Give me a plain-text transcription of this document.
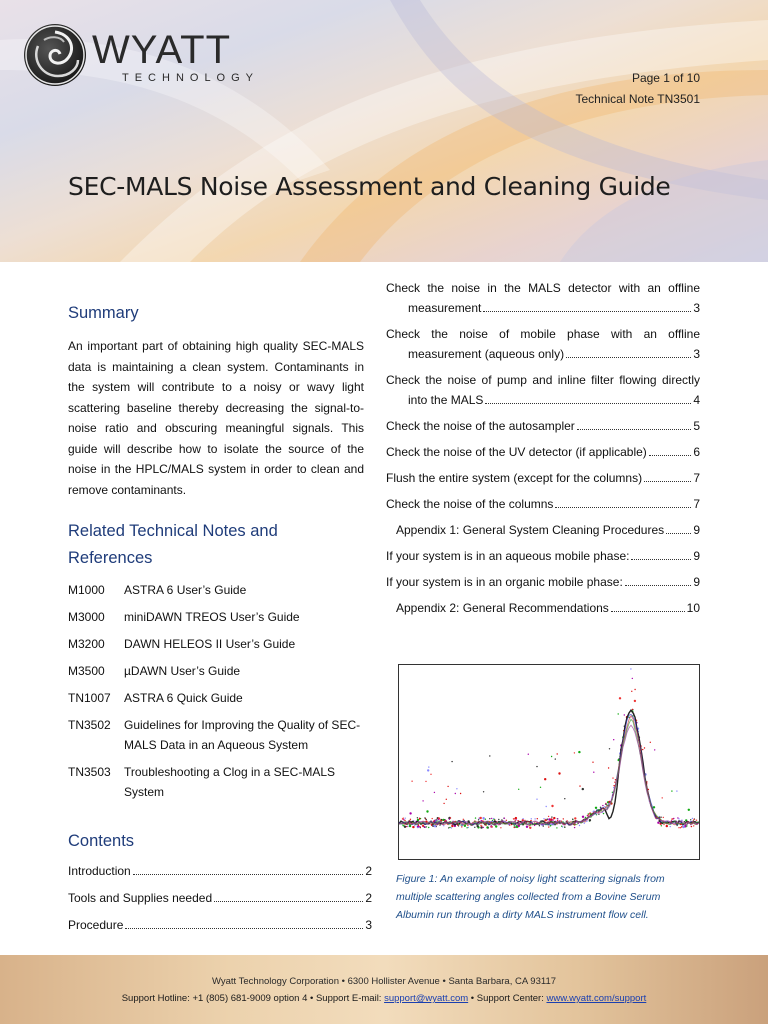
WYATT
TECHNOLOGY	Page 1 of 10
Technical Note TN3501
SEC-MALS Noise Assessment and Cleaning Guide
Summary
An important part of obtaining high quality SEC-MALS data is maintaining a clean system. Contaminants in the system will contribute to a noisy or wavy light scattering baseline thereby decreasing the signal-to-noise ratio and obscuring meaningful signals. This guide will describe how to isolate the source of the noise in the HPLC/MALS system in order to clean and remove contaminants.
Related Technical Notes and References
M1000	ASTRA 6 User’s Guide
M3000	miniDAWN TREOS User’s Guide
M3200	DAWN HELEOS II User’s Guide
M3500	µDAWN User’s Guide
TN1007	ASTRA 6 Quick Guide
TN3502	Guidelines for Improving the Quality of SEC-MALS Data in an Aqueous System
TN3503	Troubleshooting a Clog in a SEC-MALS System
Contents
Introduction	2
Tools and Supplies needed	2
Procedure	3
Check the noise in the MALS detector with an offline
measurement	3
Check the noise of mobile phase with an offline
measurement (aqueous only)	3
Check the noise of pump and inline filter flowing directly
into the MALS	4
Check the noise of the autosampler	5
Check the noise of the UV detector (if applicable)	6
Flush the entire system (except for the columns)	7
Check the noise of the columns	7
Appendix 1: General System Cleaning Procedures 9
If your system is in an aqueous mobile phase:	9
If your system is in an organic mobile phase:	9
Appendix 2: General Recommendations	10
Figure 1: An example of noisy light scattering signals from multiple scattering angles collected from a Bovine Serum Albumin run through a dirty MALS instrument flow cell.
Wyatt Technology Corporation • 6300 Hollister Avenue • Santa Barbara, CA 93117
Support Hotline: +1 (805) 681-9009 option 4 • Support E-mail: support@wyatt.com • Support Center: www.wyatt.com/support
